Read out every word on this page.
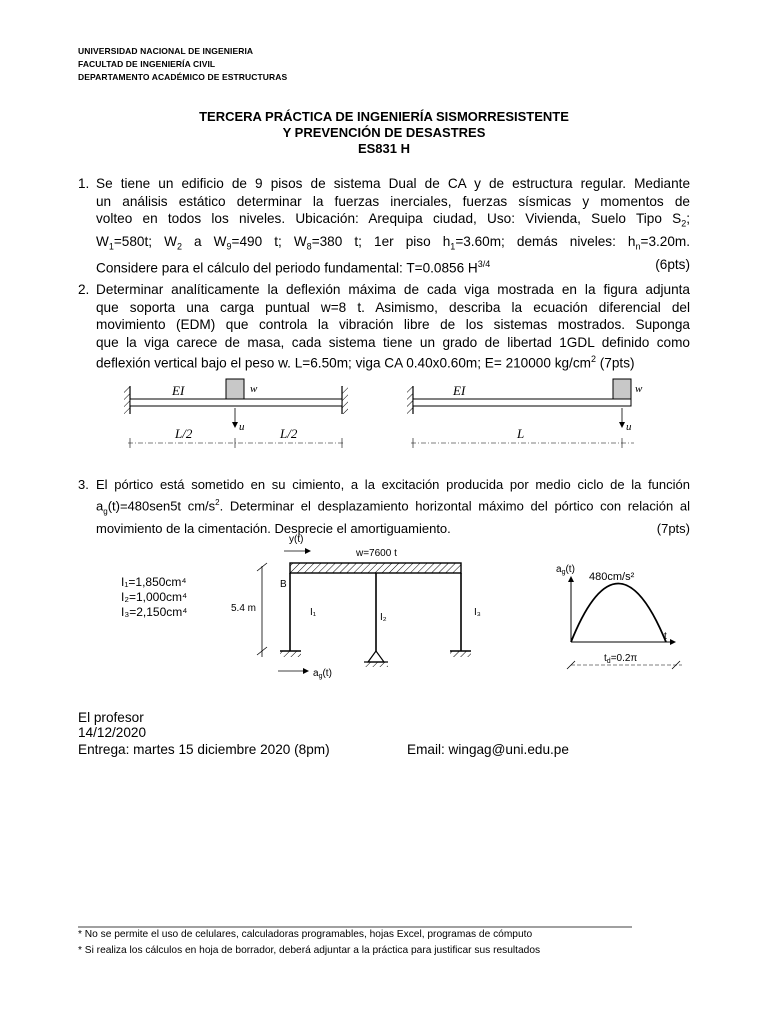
UNIVERSIDAD NACIONAL DE INGENIERIA
FACULTAD DE INGENIERÍA CIVIL
DEPARTAMENTO ACADÉMICO DE ESTRUCTURAS
TERCERA PRÁCTICA DE INGENIERÍA SISMORRESISTENTE
Y PREVENCIÓN DE DESASTRES
ES831 H
1. Se tiene un edificio de 9 pisos de sistema Dual de CA y de estructura regular. Mediante
un análisis estático determinar la fuerzas inerciales, fuerzas sísmicas y momentos de
volteo en todos los niveles. Ubicación: Arequipa ciudad, Uso: Vivienda, Suelo Tipo $S_2$;
$W_1=580t$; $W_2$ a $W_9=490$ t; $W_8=380$ t; 1er piso $h_1=3.60m$; demás niveles: $h_n=3.20m$.
Considere para el cálculo del periodo fundamental: T=0.0856 $H^{3/4}$	(6pts)
2. Determinar analíticamente la deflexión máxima de cada viga mostrada en la figura adjunta
que soporta una carga puntual w=8 t. Asimismo, describa la ecuación diferencial del
movimiento (EDM) que controla la vibración libre de los sistemas mostrados. Suponga
que la viga carece de masa, cada sistema tiene un grado de libertad 1GDL definido como
deflexión vertical bajo el peso w. L=6.50m; viga CA 0.40x0.60m; E= 210000 $kg/cm^2$ (7pts)
3. El pórtico está sometido en su cimiento, a la excitación producida por medio ciclo de la función
$a_g(t)=480sen5t$ $cm/s^2$. Determinar el desplazamiento horizontal máximo del pórtico con relación al
movimiento de la cimentación. Desprecie el amortiguamiento.	(7pts)
EI	w
u
L/2	L/2
EI	w
u
L
I₁=1,850cm⁴
I₂=1,000cm⁴
I₃=2,150cm⁴
y(t)
w=7600 t
B
I₁	I₂	I₃
5.4 m
$a_g(t)$
$a_g(t)$
480cm/s²
t
$t_d=0.2\pi$
El profesor
14/12/2020
Entrega: martes 15 diciembre 2020 (8pm)	Email: wingag@uni.edu.pe
* No se permite el uso de celulares, calculadoras programables, hojas Excel, programas de cómputo
* Si realiza los cálculos en hoja de borrador, deberá adjuntar a la práctica para justificar sus resultados
